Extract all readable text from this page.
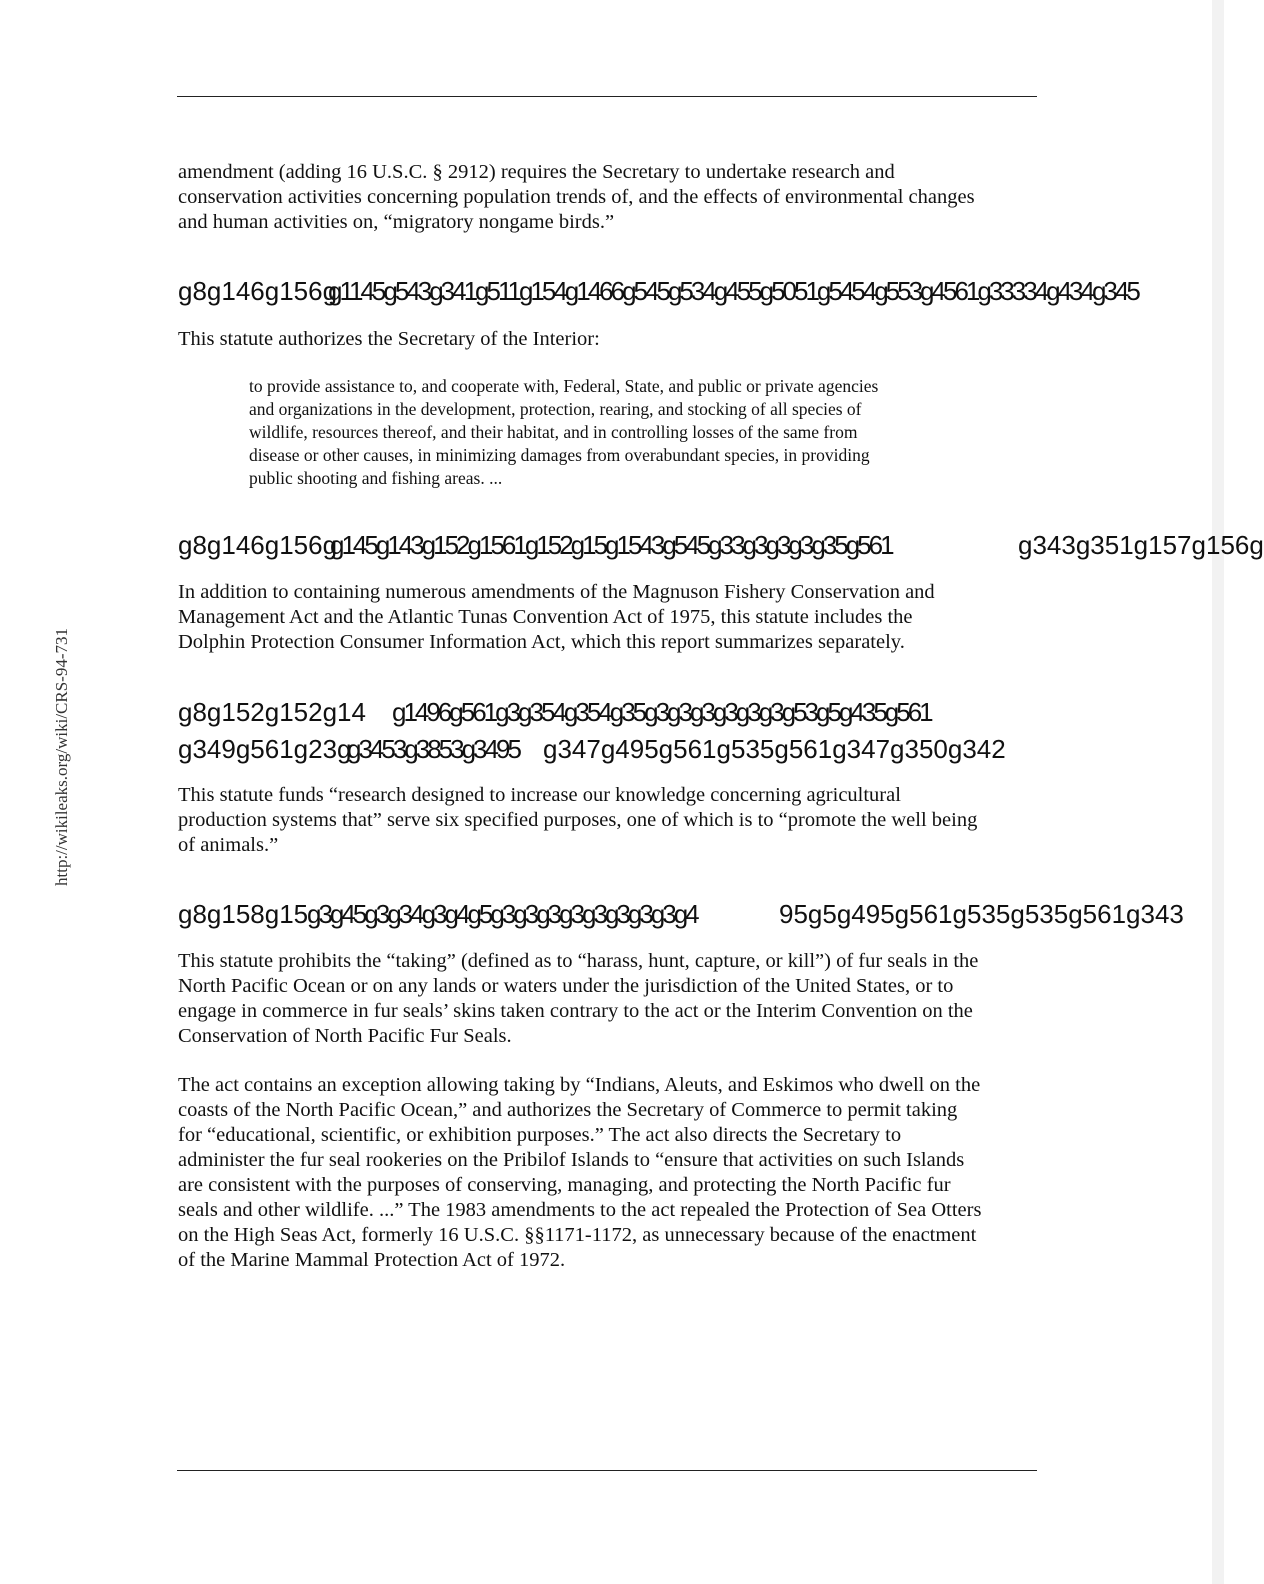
http://wikileaks.org/wiki/CRS-94-731

amendment (adding 16 U.S.C. § 2912) requires the Secretary to undertake research and
conservation activities concerning population trends of, and the effects of environmental changes
and human activities on, “migratory nongame birds.”

g8g146g156g

g1145g543g341g511g154g1466g545g534g455g5051g5454g553g4561g33334g434g345

This statute authorizes the Secretary of the Interior:

to provide assistance to, and cooperate with, Federal, State, and public or private agencies
and organizations in the development, protection, rearing, and stocking of all species of
wildlife, resources thereof, and their habitat, and in controlling losses of the same from
disease or other causes, in minimizing damages from overabundant species, in providing
public shooting and fishing areas. ...

g8g146g156g

g145g143g152g1561g152g15g1543g545g33g3g3g3g35g561	g343g351g157g156g

In addition to containing numerous amendments of the Magnuson Fishery Conservation and
Management Act and the Atlantic Tunas Convention Act of 1975, this statute includes the
Dolphin Protection Consumer Information Act, which this report summarizes separately.

g8g152g152g14 g1496g561g3g354g354g35g3g3g3g3g3g3g53g5g435g561

g349g561g23g

g3453g3853g3495 g347g495g561g535g561g347g350g342

This statute funds “research designed to increase our knowledge concerning agricultural
production systems that” serve six specified purposes, one of which is to “promote the well being
of animals.”

g8g158g15

g3g45g3g34g3g4g5g3g3g3g3g3g3g3g3g4	95g5g495g561g535g535g561g343

This statute prohibits the “taking” (defined as to “harass, hunt, capture, or kill”) of fur seals in the
North Pacific Ocean or on any lands or waters under the jurisdiction of the United States, or to
engage in commerce in fur seals’ skins taken contrary to the act or the Interim Convention on the
Conservation of North Pacific Fur Seals.

The act contains an exception allowing taking by “Indians, Aleuts, and Eskimos who dwell on the
coasts of the North Pacific Ocean,” and authorizes the Secretary of Commerce to permit taking
for “educational, scientific, or exhibition purposes.” The act also directs the Secretary to
administer the fur seal rookeries on the Pribilof Islands to “ensure that activities on such Islands
are consistent with the purposes of conserving, managing, and protecting the North Pacific fur
seals and other wildlife. ...” The 1983 amendments to the act repealed the Protection of Sea Otters
on the High Seas Act, formerly 16 U.S.C. §§1171-1172, as unnecessary because of the enactment
of the Marine Mammal Protection Act of 1972.
